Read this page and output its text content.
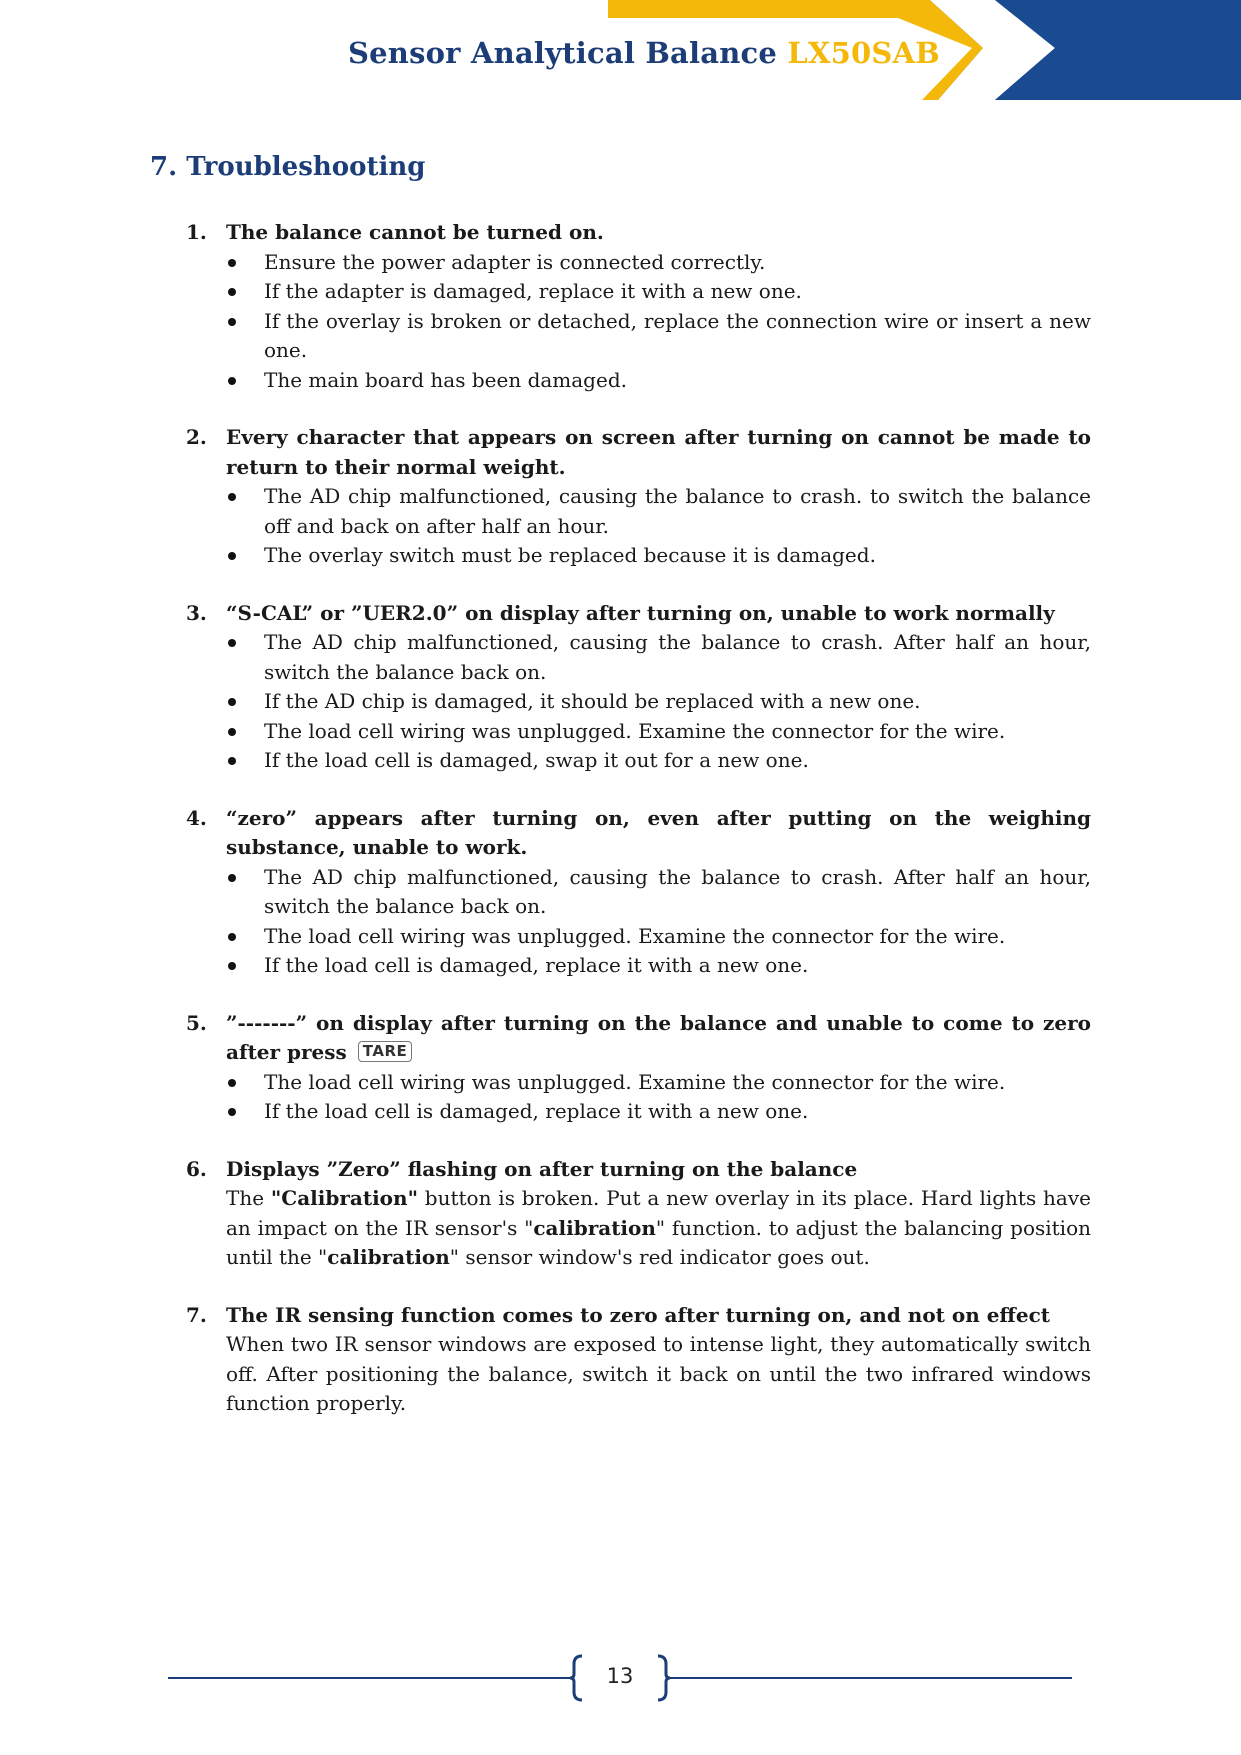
Sensor Analytical Balance LX50SAB
7. Troubleshooting
1. The balance cannot be turned on.
Ensure the power adapter is connected correctly.
If the adapter is damaged, replace it with a new one.
If the overlay is broken or detached, replace the connection wire or insert a new one.
The main board has been damaged.
2. Every character that appears on screen after turning on cannot be made to return to their normal weight.
The AD chip malfunctioned, causing the balance to crash. to switch the balance off and back on after half an hour.
The overlay switch must be replaced because it is damaged.
3. “S-CAL” or ”UER2.0” on display after turning on, unable to work normally
The AD chip malfunctioned, causing the balance to crash. After half an hour, switch the balance back on.
If the AD chip is damaged, it should be replaced with a new one.
The load cell wiring was unplugged. Examine the connector for the wire.
If the load cell is damaged, swap it out for a new one.
4. “zero” appears after turning on, even after putting on the weighing substance, unable to work.
The AD chip malfunctioned, causing the balance to crash. After half an hour, switch the balance back on.
The load cell wiring was unplugged. Examine the connector for the wire.
If the load cell is damaged, replace it with a new one.
5. ”-------” on display after turning on the balance and unable to come to zero after press TARE
The load cell wiring was unplugged. Examine the connector for the wire.
If the load cell is damaged, replace it with a new one.
6. Displays ”Zero” flashing on after turning on the balance
The "Calibration" button is broken. Put a new overlay in its place. Hard lights have an impact on the IR sensor's "calibration" function. to adjust the balancing position until the "calibration" sensor window's red indicator goes out.
7. The IR sensing function comes to zero after turning on, and not on effect
When two IR sensor windows are exposed to intense light, they automatically switch off. After positioning the balance, switch it back on until the two infrared windows function properly.
13
